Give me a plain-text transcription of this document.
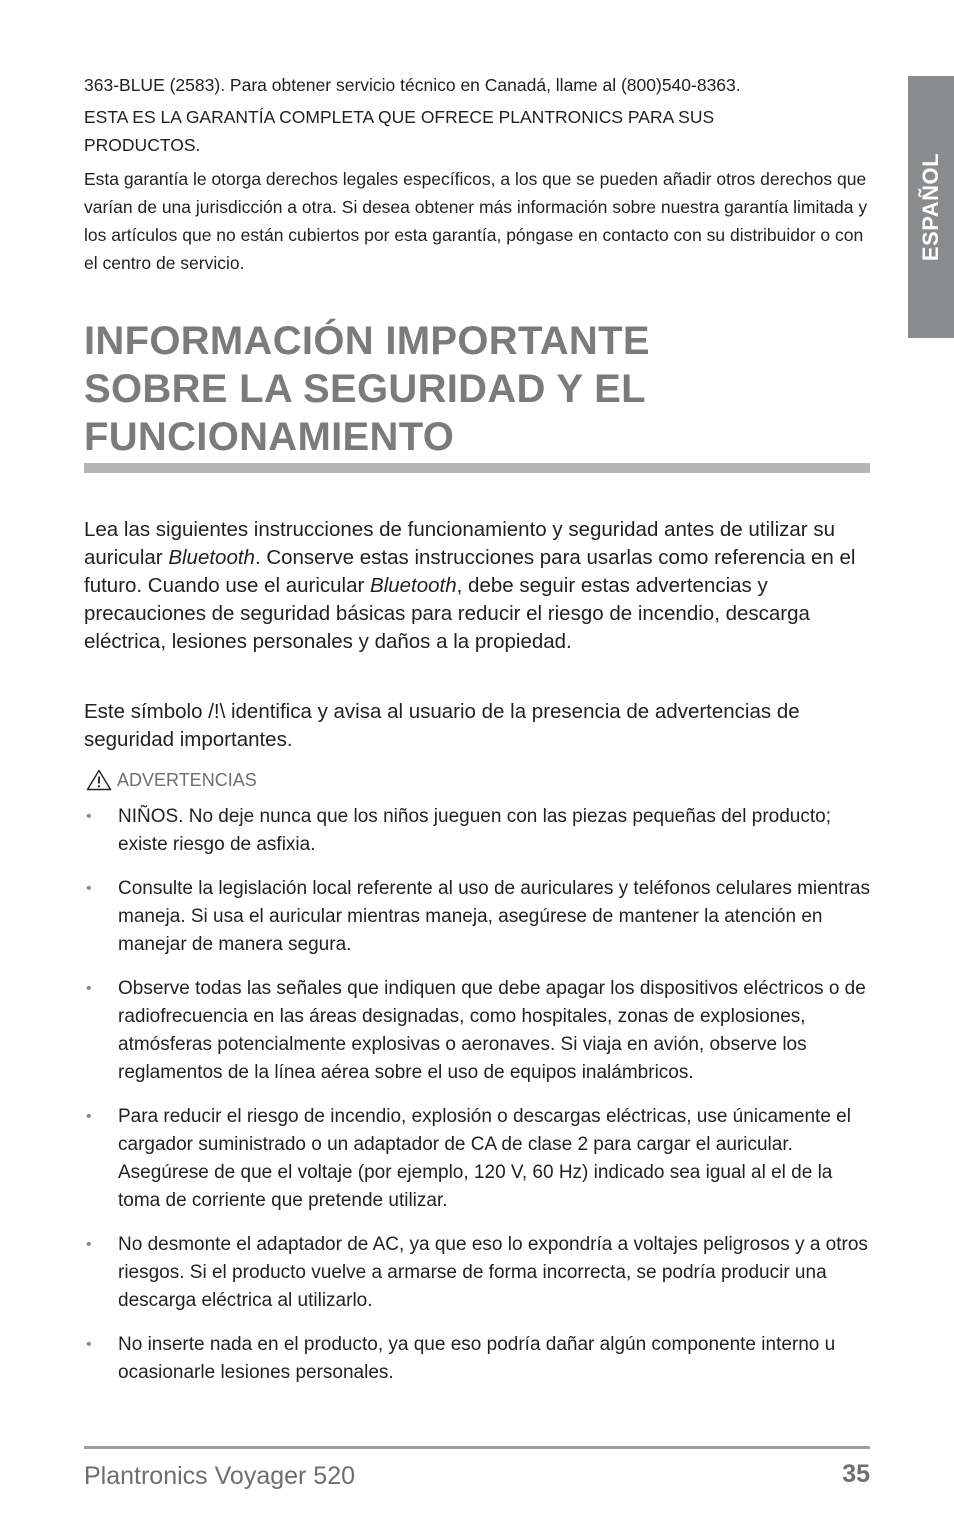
ESPAÑOL

363-BLUE (2583). Para obtener servicio técnico en Canadá, llame al (800)540-8363.

ESTA ES LA GARANTÍA COMPLETA QUE OFRECE PLANTRONICS PARA SUS PRODUCTOS.

Esta garantía le otorga derechos legales específicos, a los que se pueden añadir otros derechos que varían de una jurisdicción a otra. Si desea obtener más información sobre nuestra garantía limitada y los artículos que no están cubiertos por esta garantía, póngase en contacto con su distribuidor o con el centro de servicio.

INFORMACIÓN IMPORTANTE
SOBRE LA SEGURIDAD Y EL
FUNCIONAMIENTO

Lea las siguientes instrucciones de funcionamiento y seguridad antes de utilizar su auricular Bluetooth. Conserve estas instrucciones para usarlas como referencia en el futuro. Cuando use el auricular Bluetooth, debe seguir estas advertencias y precauciones de seguridad básicas para reducir el riesgo de incendio, descarga eléctrica, lesiones personales y daños a la propiedad.

Este símbolo /!\ identifica y avisa al usuario de la presencia de advertencias de seguridad importantes.

ADVERTENCIAS
• NIÑOS. No deje nunca que los niños jueguen con las piezas pequeñas del producto; existe riesgo de asfixia.
• Consulte la legislación local referente al uso de auriculares y teléfonos celulares mientras maneja. Si usa el auricular mientras maneja, asegúrese de mantener la atención en manejar de manera segura.
• Observe todas las señales que indiquen que debe apagar los dispositivos eléctricos o de radiofrecuencia en las áreas designadas, como hospitales, zonas de explosiones, atmósferas potencialmente explosivas o aeronaves. Si viaja en avión, observe los reglamentos de la línea aérea sobre el uso de equipos inalámbricos.
• Para reducir el riesgo de incendio, explosión o descargas eléctricas, use únicamente el cargador suministrado o un adaptador de CA de clase 2 para cargar el auricular. Asegúrese de que el voltaje (por ejemplo, 120 V, 60 Hz) indicado sea igual al el de la toma de corriente que pretende utilizar.
• No desmonte el adaptador de AC, ya que eso lo expondría a voltajes peligrosos y a otros riesgos. Si el producto vuelve a armarse de forma incorrecta, se podría producir una descarga eléctrica al utilizarlo.
• No inserte nada en el producto, ya que eso podría dañar algún componente interno u ocasionarle lesiones personales.
Plantronics Voyager 520	35
